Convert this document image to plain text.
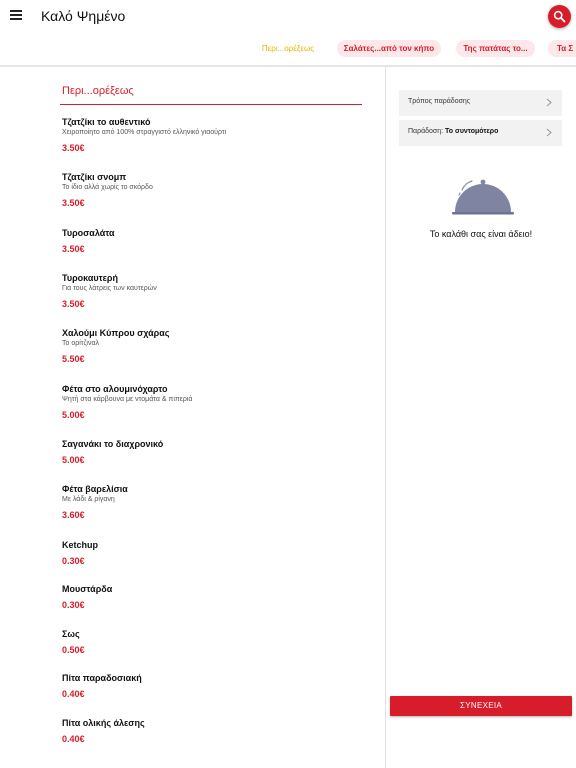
Καλό Ψημένο
Περι...ορέξεως	Σαλάτες...από τον κήπο	Της πατάτας το...	Τα Σ
Περι...ορέξεως
Τζατζίκι το αυθεντικό
Χειροποίητο από 100% στραγγιστό ελληνικό γιαούρτι
3.50€
Τζατζίκι σνομπ
Το ίδιο αλλά χωρίς το σκόρδο
3.50€
Τυροσαλάτα
3.50€
Τυροκαυτερή
Για τους λάτρεις των καυτερών
3.50€
Χαλούμι Κύπρου σχάρας
Το ορίτζιναλ
5.50€
Φέτα στο αλουμινόχαρτο
Ψητή στα κάρβουνα με ντομάτα & πιπεριά
5.00€
Σαγανάκι το διαχρονικό
5.00€
Φέτα βαρελίσια
Με λάδι & ρίγανη
3.60€
Ketchup
0.30€
Μουστάρδα
0.30€
Σως
0.50€
Πίτα παραδοσιακή
0.40€
Πίτα ολικής άλεσης
0.40€
Τρόπος παράδοσης
Παράδοση: Το συντομότερο
Το καλάθι σας είναι άδειο!
ΣΥΝΕΧΕΙΑ
